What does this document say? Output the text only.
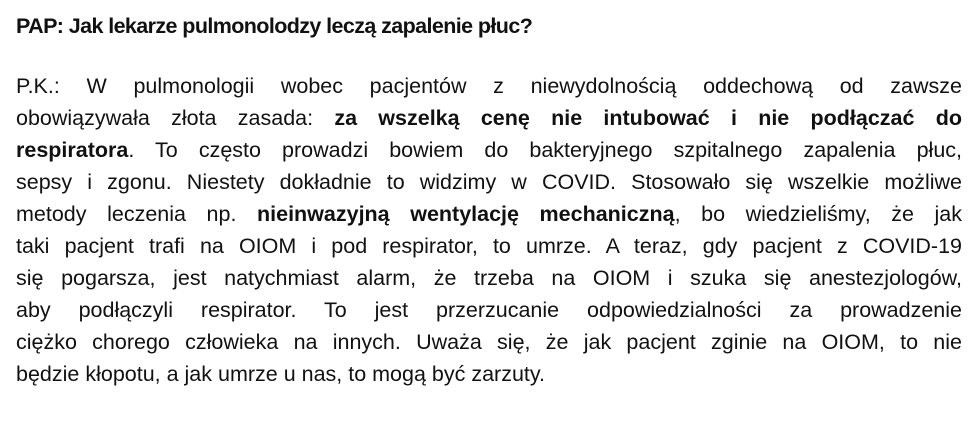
PAP: Jak lekarze pulmonolodzy leczą zapalenie płuc?
P.K.: W pulmonologii wobec pacjentów z niewydolnością oddechową od zawsze
obowiązywała złota zasada: za wszelką cenę nie intubować i nie podłączać do
respiratora. To często prowadzi bowiem do bakteryjnego szpitalnego zapalenia płuc,
sepsy i zgonu. Niestety dokładnie to widzimy w COVID. Stosowało się wszelkie możliwe
metody leczenia np. nieinwazyjną wentylację mechaniczną, bo wiedzieliśmy, że jak
taki pacjent trafi na OIOM i pod respirator, to umrze. A teraz, gdy pacjent z COVID-19
się pogarsza, jest natychmiast alarm, że trzeba na OIOM i szuka się anestezjologów,
aby podłączyli respirator. To jest przerzucanie odpowiedzialności za prowadzenie
ciężko chorego człowieka na innych. Uważa się, że jak pacjent zginie na OIOM, to nie
będzie kłopotu, a jak umrze u nas, to mogą być zarzuty.
